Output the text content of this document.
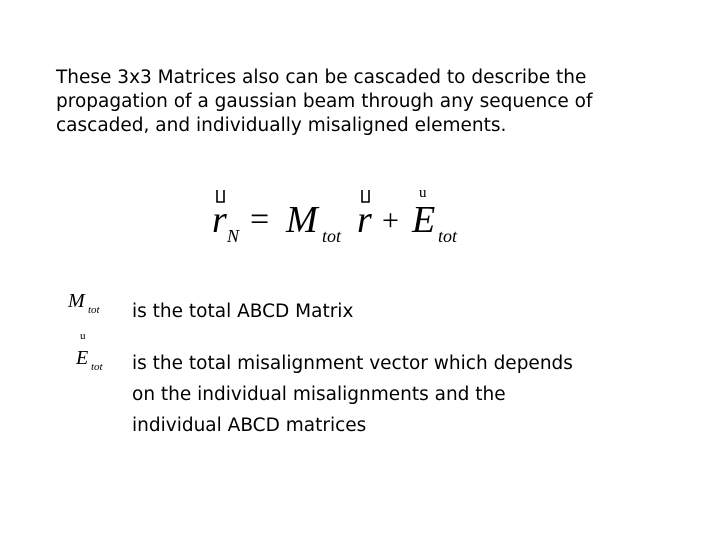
These 3x3 Matrices also can be cascaded to describe the propagation of a gaussian beam through any sequence of cascaded, and individually misaligned elements.

u
r N = M tot r + E tot
M tot
u
E tot

is the total ABCD Matrix

is the total misalignment vector which depends

on the individual misalignments and the

individual ABCD matrices
